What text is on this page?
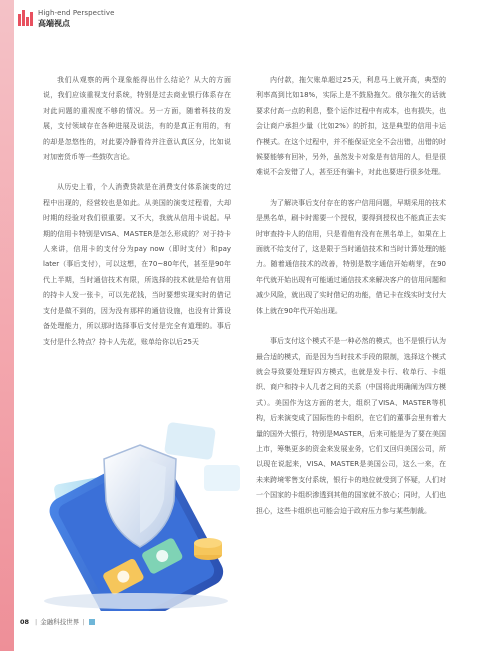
High-end Perspective
高端视点

我们从观察的两个现象能得出什么结论？从大的方面说，我们应该重视支付系统，特别是过去商业银行体系存在对此问题的重视度不够的情况。另一方面，随着科技的发展，支付领域存在各种进展及说法，有的是真正有用的，有的却是忽悠性的，对此要冷静看待并注意认真区分，比如说对加密货币等一些鼓吹言论。

从历史上看，个人消费贷款是在消费支付体系演变的过程中出现的，经营较也是如此。从美国的演变过程看，大却时期的经验对我们很重要。又不大，我就从信用卡说起。早期的信用卡特别是VISA、MASTER是怎么形成的？对于持卡人来讲，信用卡的支付分为pay now（即时支付）和pay later（事后支付），可以这想，在70~80年代，甚至是90年代上半期，当时通信技术有限，所选择的技术就是给有信用的持卡人发一张卡，可以先花钱，当时要想实现实时的借记支付是做不到的，因为没有那样的通信设施，也没有计算设备处理能力，所以那时选择事后支付是完全有道理的。事后支付是什么特点？持卡人先花，账单给你以后25天

内付款，拖欠账单超过25天，利息马上就开高，典型的利率高到比如18%，实际上是不鼓励拖欠。俄尔拖欠的话就要求付高一点的利息，整个运作过程中有成本，也有损失，也会让商户承担少量（比如2%）的折扣，这是典型的信用卡运作模式。在这个过程中，并不能保证完全不会出错，出错的时候要能够有回补，另外，虽然发卡对象是有信用的人，但是很难说不会发错了人，甚至还有骗卡，对此也要进行很多处理。

为了解决事后支付存在的客户信用问题，早期采用的技术是黑名单，刷卡时需要一个授权，要得到授权也不能真正去实时审查持卡人的信用，只是看他有没有在黑名单上，如果在上面就不给支付了，这是限于当时通信技术和当时计算处理的能力。随着通信技术的改善，特别是数字通信开始萌芽，在90年代就开始出现有可能通过通信技术来解决客户的信用问题和减少风险，就出现了实时借记的功能，借记卡在线实时支付大体上就在90年代开始出现。

事后支付这个模式不是一种必然的模式，也不是银行认为最合适的模式，而是因为当时技术手段的限制，选择这个模式就会导致要处理好四方模式，也就是发卡行、收单行、卡组织、商户和持卡人几者之间的关系（中国将此明确阐为四方模式）。美国作为这方面的老大，组织了VISA、MASTER等机构，后来演变成了国际性的卡组织，在它们的董事会里有着大量的国外大银行，特别是MASTER，后来可能是为了要在美国上市，筹集更多的资金来发展业务，它们又回归美国公司，所以现在说起来，VISA、MASTER是美国公司，这么一来，在未来跨境零售支付系统，银行卡的地位就受到了怀疑，人们对一个国家的卡组织渗透到其他的国家就不放心；同时，人们也担心，这些卡组织也可能会迫于政府压力参与某些制裁。

08 | 金融科技世界 |
